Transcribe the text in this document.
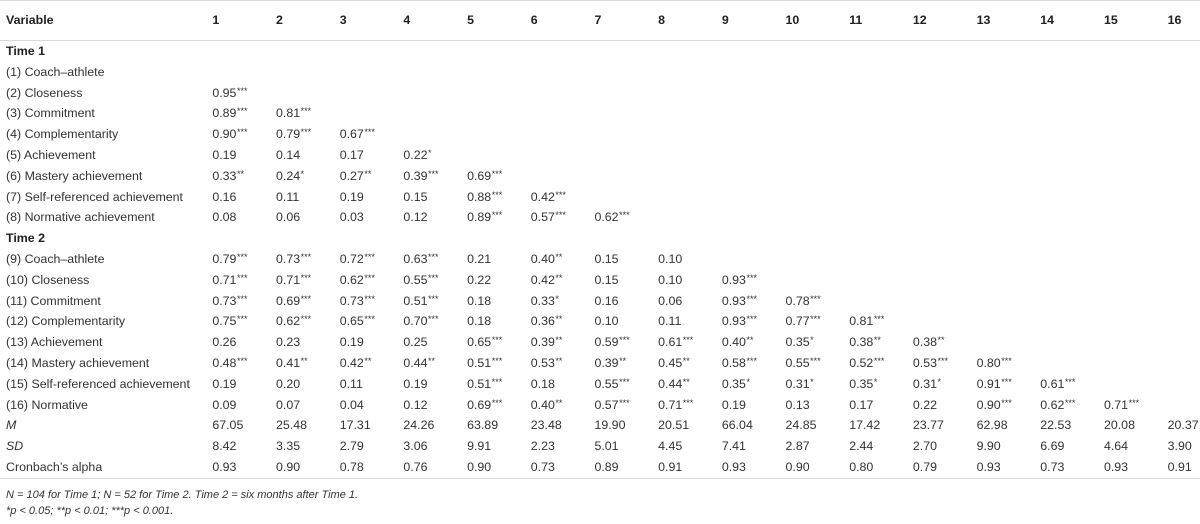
Variable	1	2	3	4	5	6	7	8	9	10	11	12	13	14	15	16
Time 1																
(1) Coach–athlete																
(2) Closeness	0.95***															
(3) Commitment	0.89***	0.81***														
(4) Complementarity	0.90***	0.79***	0.67***													
(5) Achievement	0.19	0.14	0.17	0.22*												
(6) Mastery achievement	0.33**	0.24*	0.27**	0.39***	0.69***											
(7) Self-referenced achievement	0.16	0.11	0.19	0.15	0.88***	0.42***										
(8) Normative achievement	0.08	0.06	0.03	0.12	0.89***	0.57***	0.62***									
Time 2																
(9) Coach–athlete	0.79***	0.73***	0.72***	0.63***	0.21	0.40**	0.15	0.10								
(10) Closeness	0.71***	0.71***	0.62***	0.55***	0.22	0.42**	0.15	0.10	0.93***							
(11) Commitment	0.73***	0.69***	0.73***	0.51***	0.18	0.33*	0.16	0.06	0.93***	0.78***						
(12) Complementarity	0.75***	0.62***	0.65***	0.70***	0.18	0.36**	0.10	0.11	0.93***	0.77***	0.81***					
(13) Achievement	0.26	0.23	0.19	0.25	0.65***	0.39**	0.59***	0.61***	0.40**	0.35*	0.38**	0.38**				
(14) Mastery achievement	0.48***	0.41**	0.42**	0.44**	0.51***	0.53**	0.39**	0.45**	0.58***	0.55***	0.52***	0.53***	0.80***			
(15) Self-referenced achievement	0.19	0.20	0.11	0.19	0.51***	0.18	0.55***	0.44**	0.35*	0.31*	0.35*	0.31*	0.91***	0.61***		
(16) Normative	0.09	0.07	0.04	0.12	0.69***	0.40**	0.57***	0.71***	0.19	0.13	0.17	0.22	0.90***	0.62***	0.71***	
M	67.05	25.48	17.31	24.26	63.89	23.48	19.90	20.51	66.04	24.85	17.42	23.77	62.98	22.53	20.08	20.37
SD	8.42	3.35	2.79	3.06	9.91	2.23	5.01	4.45	7.41	2.87	2.44	2.70	9.90	6.69	4.64	3.90
Cronbach’s alpha	0.93	0.90	0.78	0.76	0.90	0.73	0.89	0.91	0.93	0.90	0.80	0.79	0.93	0.73	0.93	0.91
N = 104 for Time 1; N = 52 for Time 2. Time 2 = six months after Time 1.
*p < 0.05; **p < 0.01; ***p < 0.001.
